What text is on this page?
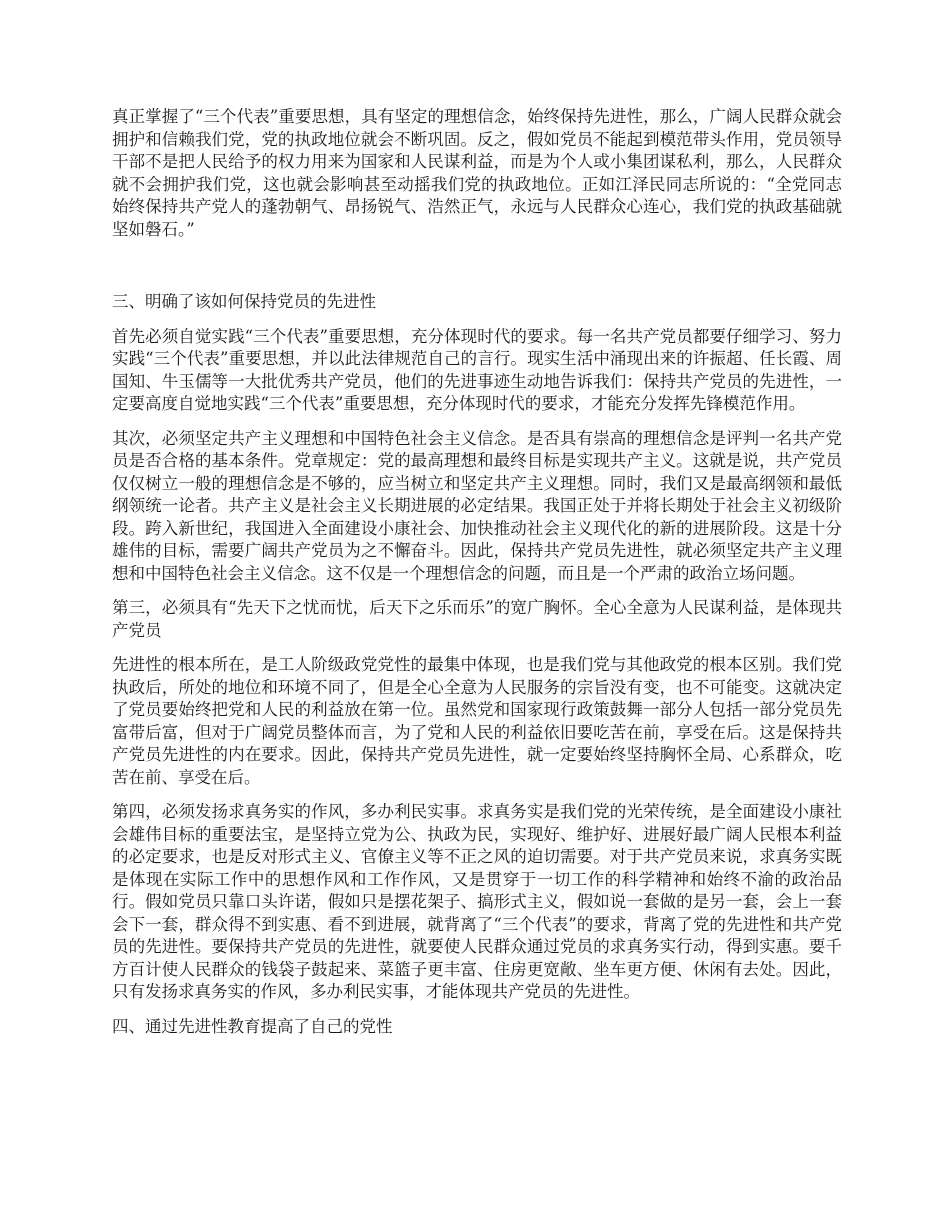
真正掌握了“三个代表”重要思想，具有坚定的理想信念，始终保持先进性，那么，广阔人民群众就会拥护和信赖我们党，党的执政地位就会不断巩固。反之，假如党员不能起到模范带头作用，党员领导干部不是把人民给予的权力用来为国家和人民谋利益，而是为个人或小集团谋私利，那么，人民群众就不会拥护我们党，这也就会影响甚至动摇我们党的执政地位。正如江泽民同志所说的：“全党同志始终保持共产党人的蓬勃朝气、昂扬锐气、浩然正气，永远与人民群众心连心，我们党的执政基础就坚如磐石。”

三、明确了该如何保持党员的先进性

首先必须自觉实践“三个代表”重要思想，充分体现时代的要求。每一名共产党员都要仔细学习、努力实践“三个代表”重要思想，并以此法律规范自己的言行。现实生活中涌现出来的许振超、任长霞、周国知、牛玉儒等一大批优秀共产党员，他们的先进事迹生动地告诉我们：保持共产党员的先进性，一定要高度自觉地实践“三个代表”重要思想，充分体现时代的要求，才能充分发挥先锋模范作用。

其次，必须坚定共产主义理想和中国特色社会主义信念。是否具有崇高的理想信念是评判一名共产党员是否合格的基本条件。党章规定：党的最高理想和最终目标是实现共产主义。这就是说，共产党员仅仅树立一般的理想信念是不够的，应当树立和坚定共产主义理想。同时，我们又是最高纲领和最低纲领统一论者。共产主义是社会主义长期进展的必定结果。我国正处于并将长期处于社会主义初级阶段。跨入新世纪，我国进入全面建设小康社会、加快推动社会主义现代化的新的进展阶段。这是十分雄伟的目标，需要广阔共产党员为之不懈奋斗。因此，保持共产党员先进性，就必须坚定共产主义理想和中国特色社会主义信念。这不仅是一个理想信念的问题，而且是一个严肃的政治立场问题。

第三，必须具有“先天下之忧而忧，后天下之乐而乐”的宽广胸怀。全心全意为人民谋利益，是体现共产党员

先进性的根本所在，是工人阶级政党党性的最集中体现，也是我们党与其他政党的根本区别。我们党执政后，所处的地位和环境不同了，但是全心全意为人民服务的宗旨没有变，也不可能变。这就决定了党员要始终把党和人民的利益放在第一位。虽然党和国家现行政策鼓舞一部分人包括一部分党员先富带后富，但对于广阔党员整体而言，为了党和人民的利益依旧要吃苦在前，享受在后。这是保持共产党员先进性的内在要求。因此，保持共产党员先进性，就一定要始终坚持胸怀全局、心系群众，吃苦在前、享受在后。

第四，必须发扬求真务实的作风，多办利民实事。求真务实是我们党的光荣传统，是全面建设小康社会雄伟目标的重要法宝，是坚持立党为公、执政为民，实现好、维护好、进展好最广阔人民根本利益的必定要求，也是反对形式主义、官僚主义等不正之风的迫切需要。对于共产党员来说，求真务实既是体现在实际工作中的思想作风和工作作风，又是贯穿于一切工作的科学精神和始终不渝的政治品行。假如党员只靠口头许诺，假如只是摆花架子、搞形式主义，假如说一套做的是另一套，会上一套会下一套，群众得不到实惠、看不到进展，就背离了“三个代表”的要求，背离了党的先进性和共产党员的先进性。要保持共产党员的先进性，就要使人民群众通过党员的求真务实行动，得到实惠。要千方百计使人民群众的钱袋子鼓起来、菜篮子更丰富、住房更宽敞、坐车更方便、休闲有去处。因此，只有发扬求真务实的作风，多办利民实事，才能体现共产党员的先进性。

四、通过先进性教育提高了自己的党性
